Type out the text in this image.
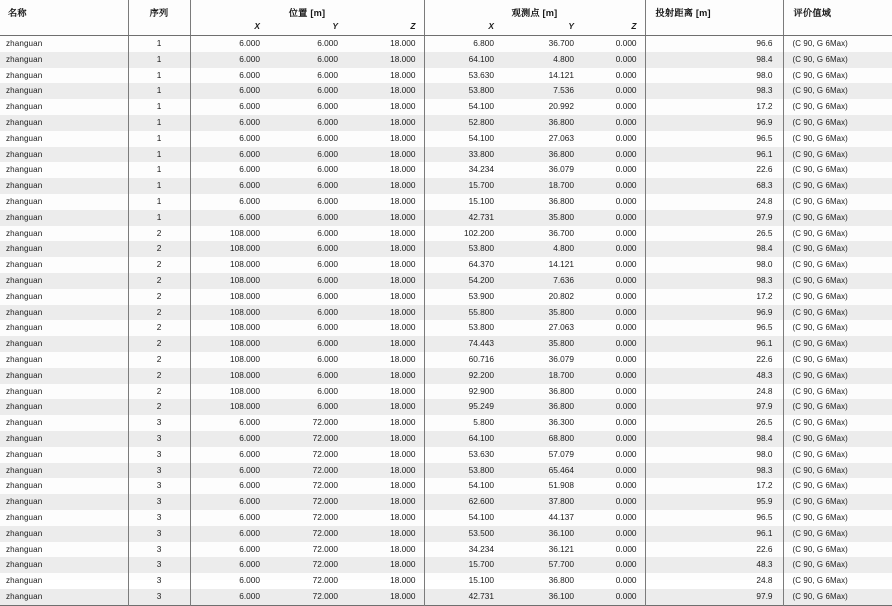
名称	序列	位置 [m]			观测点 [m]			投射距离 [m]	评价值域
		X	Y	Z	X	Y	Z		

zhanguan	1	6.000	6.000	18.000	6.800	36.700	0.000	96.6	(C 90, G 6Max)
zhanguan	1	6.000	6.000	18.000	64.100	4.800	0.000	98.4	(C 90, G 6Max)
zhanguan	1	6.000	6.000	18.000	53.630	14.121	0.000	98.0	(C 90, G 6Max)
zhanguan	1	6.000	6.000	18.000	53.800	7.536	0.000	98.3	(C 90, G 6Max)
zhanguan	1	6.000	6.000	18.000	54.100	20.992	0.000	17.2	(C 90, G 6Max)
zhanguan	1	6.000	6.000	18.000	52.800	36.800	0.000	96.9	(C 90, G 6Max)
zhanguan	1	6.000	6.000	18.000	54.100	27.063	0.000	96.5	(C 90, G 6Max)
zhanguan	1	6.000	6.000	18.000	33.800	36.800	0.000	96.1	(C 90, G 6Max)
zhanguan	1	6.000	6.000	18.000	34.234	36.079	0.000	22.6	(C 90, G 6Max)
zhanguan	1	6.000	6.000	18.000	15.700	18.700	0.000	68.3	(C 90, G 6Max)
zhanguan	1	6.000	6.000	18.000	15.100	36.800	0.000	24.8	(C 90, G 6Max)
zhanguan	1	6.000	6.000	18.000	42.731	35.800	0.000	97.9	(C 90, G 6Max)
zhanguan	2	108.000	6.000	18.000	102.200	36.700	0.000	26.5	(C 90, G 6Max)
zhanguan	2	108.000	6.000	18.000	53.800	4.800	0.000	98.4	(C 90, G 6Max)
zhanguan	2	108.000	6.000	18.000	64.370	14.121	0.000	98.0	(C 90, G 6Max)
zhanguan	2	108.000	6.000	18.000	54.200	7.636	0.000	98.3	(C 90, G 6Max)
zhanguan	2	108.000	6.000	18.000	53.900	20.802	0.000	17.2	(C 90, G 6Max)
zhanguan	2	108.000	6.000	18.000	55.800	35.800	0.000	96.9	(C 90, G 6Max)
zhanguan	2	108.000	6.000	18.000	53.800	27.063	0.000	96.5	(C 90, G 6Max)
zhanguan	2	108.000	6.000	18.000	74.443	35.800	0.000	96.1	(C 90, G 6Max)
zhanguan	2	108.000	6.000	18.000	60.716	36.079	0.000	22.6	(C 90, G 6Max)
zhanguan	2	108.000	6.000	18.000	92.200	18.700	0.000	48.3	(C 90, G 6Max)
zhanguan	2	108.000	6.000	18.000	92.900	36.800	0.000	24.8	(C 90, G 6Max)
zhanguan	2	108.000	6.000	18.000	95.249	36.800	0.000	97.9	(C 90, G 6Max)
zhanguan	3	6.000	72.000	18.000	5.800	36.300	0.000	26.5	(C 90, G 6Max)
zhanguan	3	6.000	72.000	18.000	64.100	68.800	0.000	98.4	(C 90, G 6Max)
zhanguan	3	6.000	72.000	18.000	53.630	57.079	0.000	98.0	(C 90, G 6Max)
zhanguan	3	6.000	72.000	18.000	53.800	65.464	0.000	98.3	(C 90, G 6Max)
zhanguan	3	6.000	72.000	18.000	54.100	51.908	0.000	17.2	(C 90, G 6Max)
zhanguan	3	6.000	72.000	18.000	62.600	37.800	0.000	95.9	(C 90, G 6Max)
zhanguan	3	6.000	72.000	18.000	54.100	44.137	0.000	96.5	(C 90, G 6Max)
zhanguan	3	6.000	72.000	18.000	53.500	36.100	0.000	96.1	(C 90, G 6Max)
zhanguan	3	6.000	72.000	18.000	34.234	36.121	0.000	22.6	(C 90, G 6Max)
zhanguan	3	6.000	72.000	18.000	15.700	57.700	0.000	48.3	(C 90, G 6Max)
zhanguan	3	6.000	72.000	18.000	15.100	36.800	0.000	24.8	(C 90, G 6Max)
zhanguan	3	6.000	72.000	18.000	42.731	36.100	0.000	97.9	(C 90, G 6Max)
